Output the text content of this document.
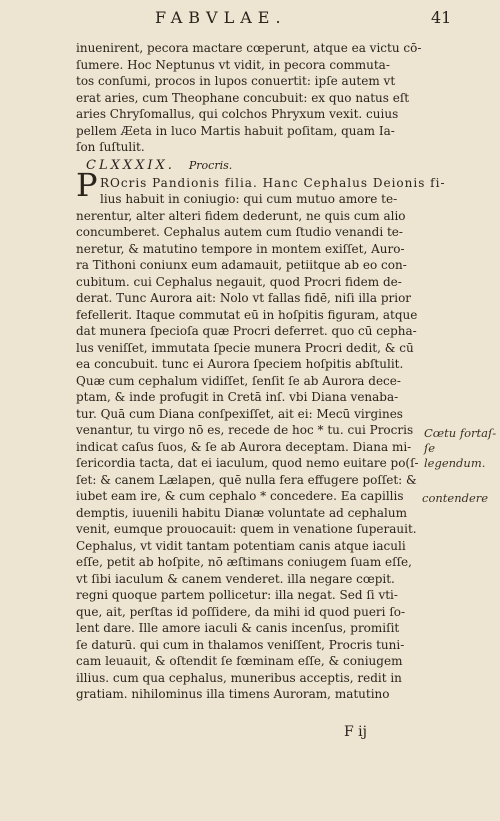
FABVLAE.	41
inuenirent, pecora mactare cœperunt, atque ea victu cō-
ſumere. Hoc Neptunus vt vidit, in pecora commuta-
tos conſumi, procos in lupos conuertit: ipſe autem vt
erat aries, cum Theophane concubuit: ex quo natus eſt
aries Chryſomallus, qui colchos Phryxum vexit. cuius
pellem Æeta in luco Martis habuit poſitam, quam Ia-
ſon ſuſtulit.
CLXXXIX. Procris.
P ROcris Pandionis filia. Hanc Cephalus Deionis fi-
lius habuit in coniugio: qui cum mutuo amore te-
nerentur, alter alteri fidem dederunt, ne quis cum alio
concumberet. Cephalus autem cum ſtudio venandi te-
neretur, & matutino tempore in montem exiſſet, Auro-
ra Tithoni coniunx eum adamauit, petiitque ab eo con-
cubitum. cui Cephalus negauit, quod Procri fidem de-
derat. Tunc Aurora ait: Nolo vt fallas fidē, niſi illa prior
fefellerit. Itaque commutat eū in hoſpitis figuram, atque
dat munera ſpecioſa quæ Procri deferret. quo cū cepha-
lus veniſſet, immutata ſpecie munera Procri dedit, & cū
ea concubuit. tunc ei Aurora ſpeciem hoſpitis abſtulit.
Quæ cum cephalum vidiſſet, ſenſit ſe ab Aurora dece-
ptam, & inde profugit in Cretā inſ. vbi Diana venaba-
tur. Quā cum Diana conſpexiſſet, ait ei: Mecū virgines
venantur, tu virgo nō es, recede de hoc * tu. cui Procris
indicat caſus ſuos, & ſe ab Aurora deceptam. Diana mi-
ſericordia tacta, dat ei iaculum, quod nemo euitare po(ſ-
ſet: & canem Lælapen, quē nulla fera effugere poſſet: &
iubet eam ire, & cum cephalo * concedere. Ea capillis
demptis, iuuenili habitu Dianæ voluntate ad cephalum
venit, eumque prouocauit: quem in venatione ſuperauit.
Cephalus, vt vidit tantam potentiam canis atque iaculi
eſſe, petit ab hoſpite, nō æſtimans coniugem ſuam eſſe,
vt ſibi iaculum & canem venderet. illa negare cœpit.
regni quoque partem pollicetur: illa negat. Sed ſi vti-
que, ait, perſtas id poſſidere, da mihi id quod pueri ſo-
lent dare. Ille amore iaculi & canis incenſus, promiſit
ſe daturū. qui cum in thalamos veniſſent, Procris tuni-
cam leuauit, & oſtendit ſe fœminam eſſe, & coniugem
illius. cum qua cephalus, muneribus acceptis, redit in
gratiam. nihilominus illa timens Auroram, matutino
Cœtu fortaſ-
ſe legendum.
contendere
F ij
